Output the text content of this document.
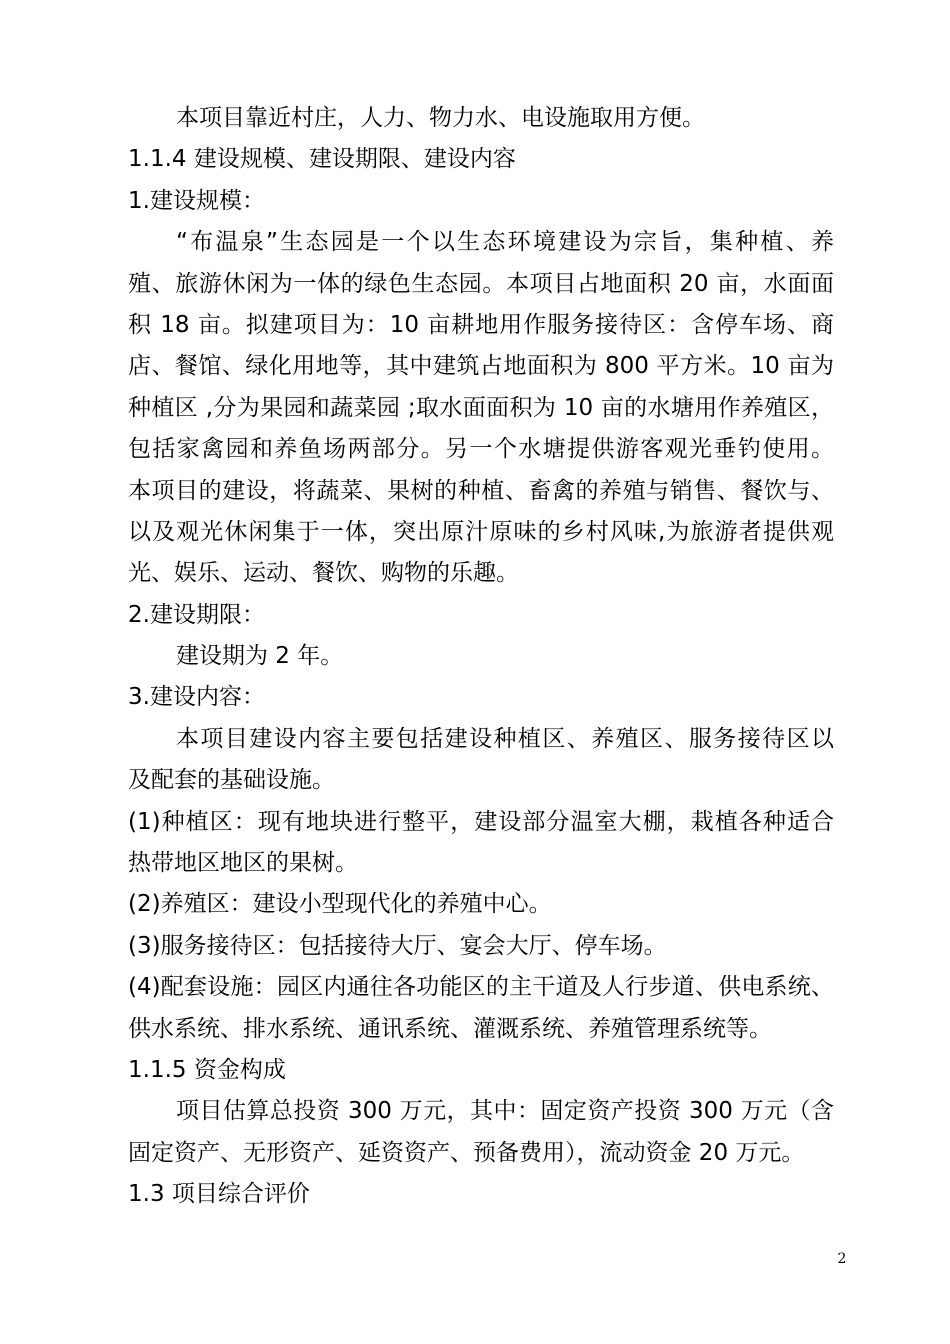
本项目靠近村庄，人力、物力水、电设施取用方便。
1.1.4 建设规模、建设期限、建设内容
1.建设规模：
“布温泉”生态园是一个以生态环境建设为宗旨，集种植、养
殖、旅游休闲为一体的绿色生态园。本项目占地面积 20 亩，水面面
积 18 亩。拟建项目为：10 亩耕地用作服务接待区：含停车场、商
店、餐馆、绿化用地等，其中建筑占地面积为 800 平方米。10 亩为
种植区 ,分为果园和蔬菜园 ;取水面面积为 10 亩的水塘用作养殖区，
包括家禽园和养鱼场两部分。另一个水塘提供游客观光垂钓使用。
本项目的建设，将蔬菜、果树的种植、畜禽的养殖与销售、餐饮与、
以及观光休闲集于一体，突出原汁原味的乡村风味,为旅游者提供观
光、娱乐、运动、餐饮、购物的乐趣。
2.建设期限：
建设期为 2 年。
3.建设内容：
本项目建设内容主要包括建设种植区、养殖区、服务接待区以
及配套的基础设施。
(1)种植区：现有地块进行整平，建设部分温室大棚，栽植各种适合
热带地区地区的果树。
(2)养殖区：建设小型现代化的养殖中心。
(3)服务接待区：包括接待大厅、宴会大厅、停车场。
(4)配套设施：园区内通往各功能区的主干道及人行步道、供电系统、
供水系统、排水系统、通讯系统、灌溉系统、养殖管理系统等。
1.1.5 资金构成
项目估算总投资 300 万元，其中：固定资产投资 300 万元（含
固定资产、无形资产、延资资产、预备费用），流动资金 20 万元。
1.3 项目综合评价
2
